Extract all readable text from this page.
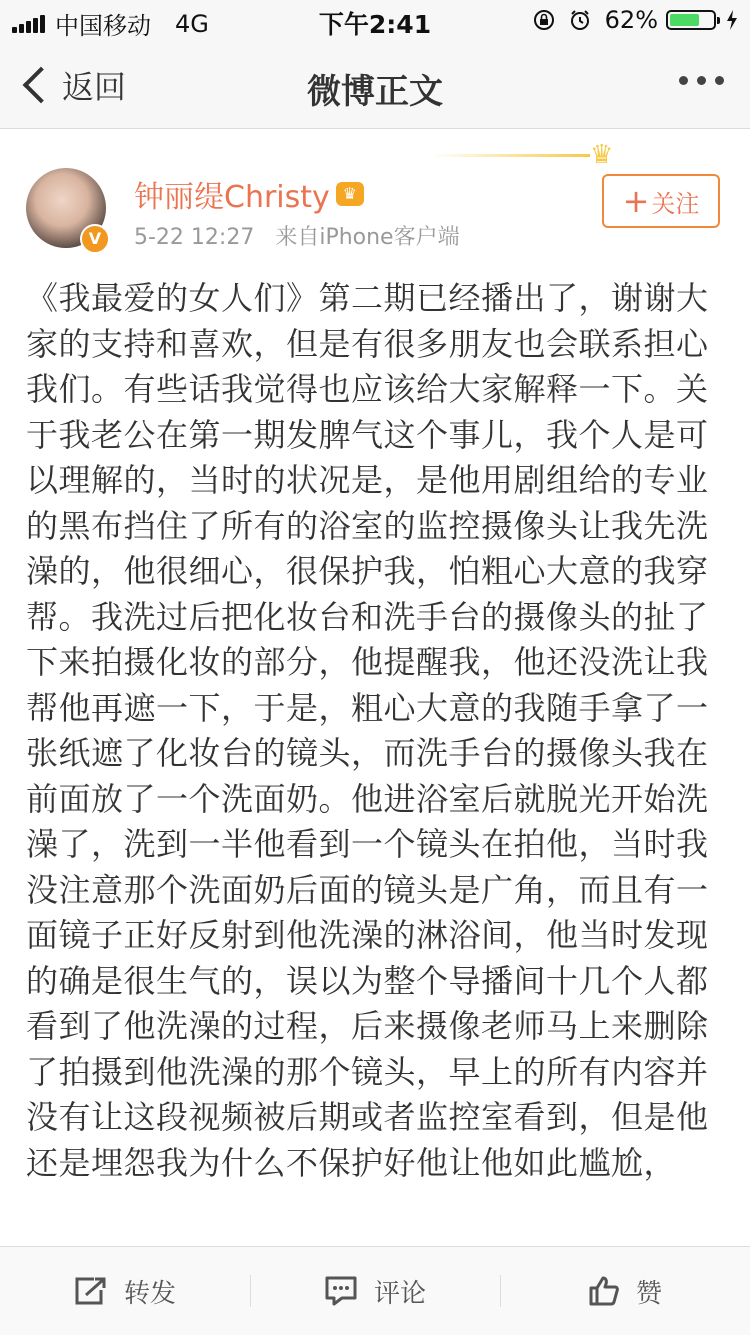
中国移动 4G	下午2:41	62%
返回	微博正文
♛
V
钟丽缇Christy ♛
5-22 12:27 来自iPhone客户端
+ 关注
《我最爱的女人们》第二期已经播出了，谢谢大家的支持和喜欢，但是有很多朋友也会联系担心我们。有些话我觉得也应该给大家解释一下。关于我老公在第一期发脾气这个事儿，我个人是可以理解的，当时的状况是，是他用剧组给的专业的黑布挡住了所有的浴室的监控摄像头让我先洗澡的，他很细心，很保护我，怕粗心大意的我穿帮。我洗过后把化妆台和洗手台的摄像头的扯了下来拍摄化妆的部分，他提醒我，他还没洗让我帮他再遮一下，于是，粗心大意的我随手拿了一张纸遮了化妆台的镜头，而洗手台的摄像头我在前面放了一个洗面奶。他进浴室后就脱光开始洗澡了，洗到一半他看到一个镜头在拍他，当时我没注意那个洗面奶后面的镜头是广角，而且有一面镜子正好反射到他洗澡的淋浴间，他当时发现的确是很生气的，误以为整个导播间十几个人都看到了他洗澡的过程，后来摄像老师马上来删除了拍摄到他洗澡的那个镜头，早上的所有内容并没有让这段视频被后期或者监控室看到，但是他还是埋怨我为什么不保护好他让他如此尴尬，
转发	评论	赞
